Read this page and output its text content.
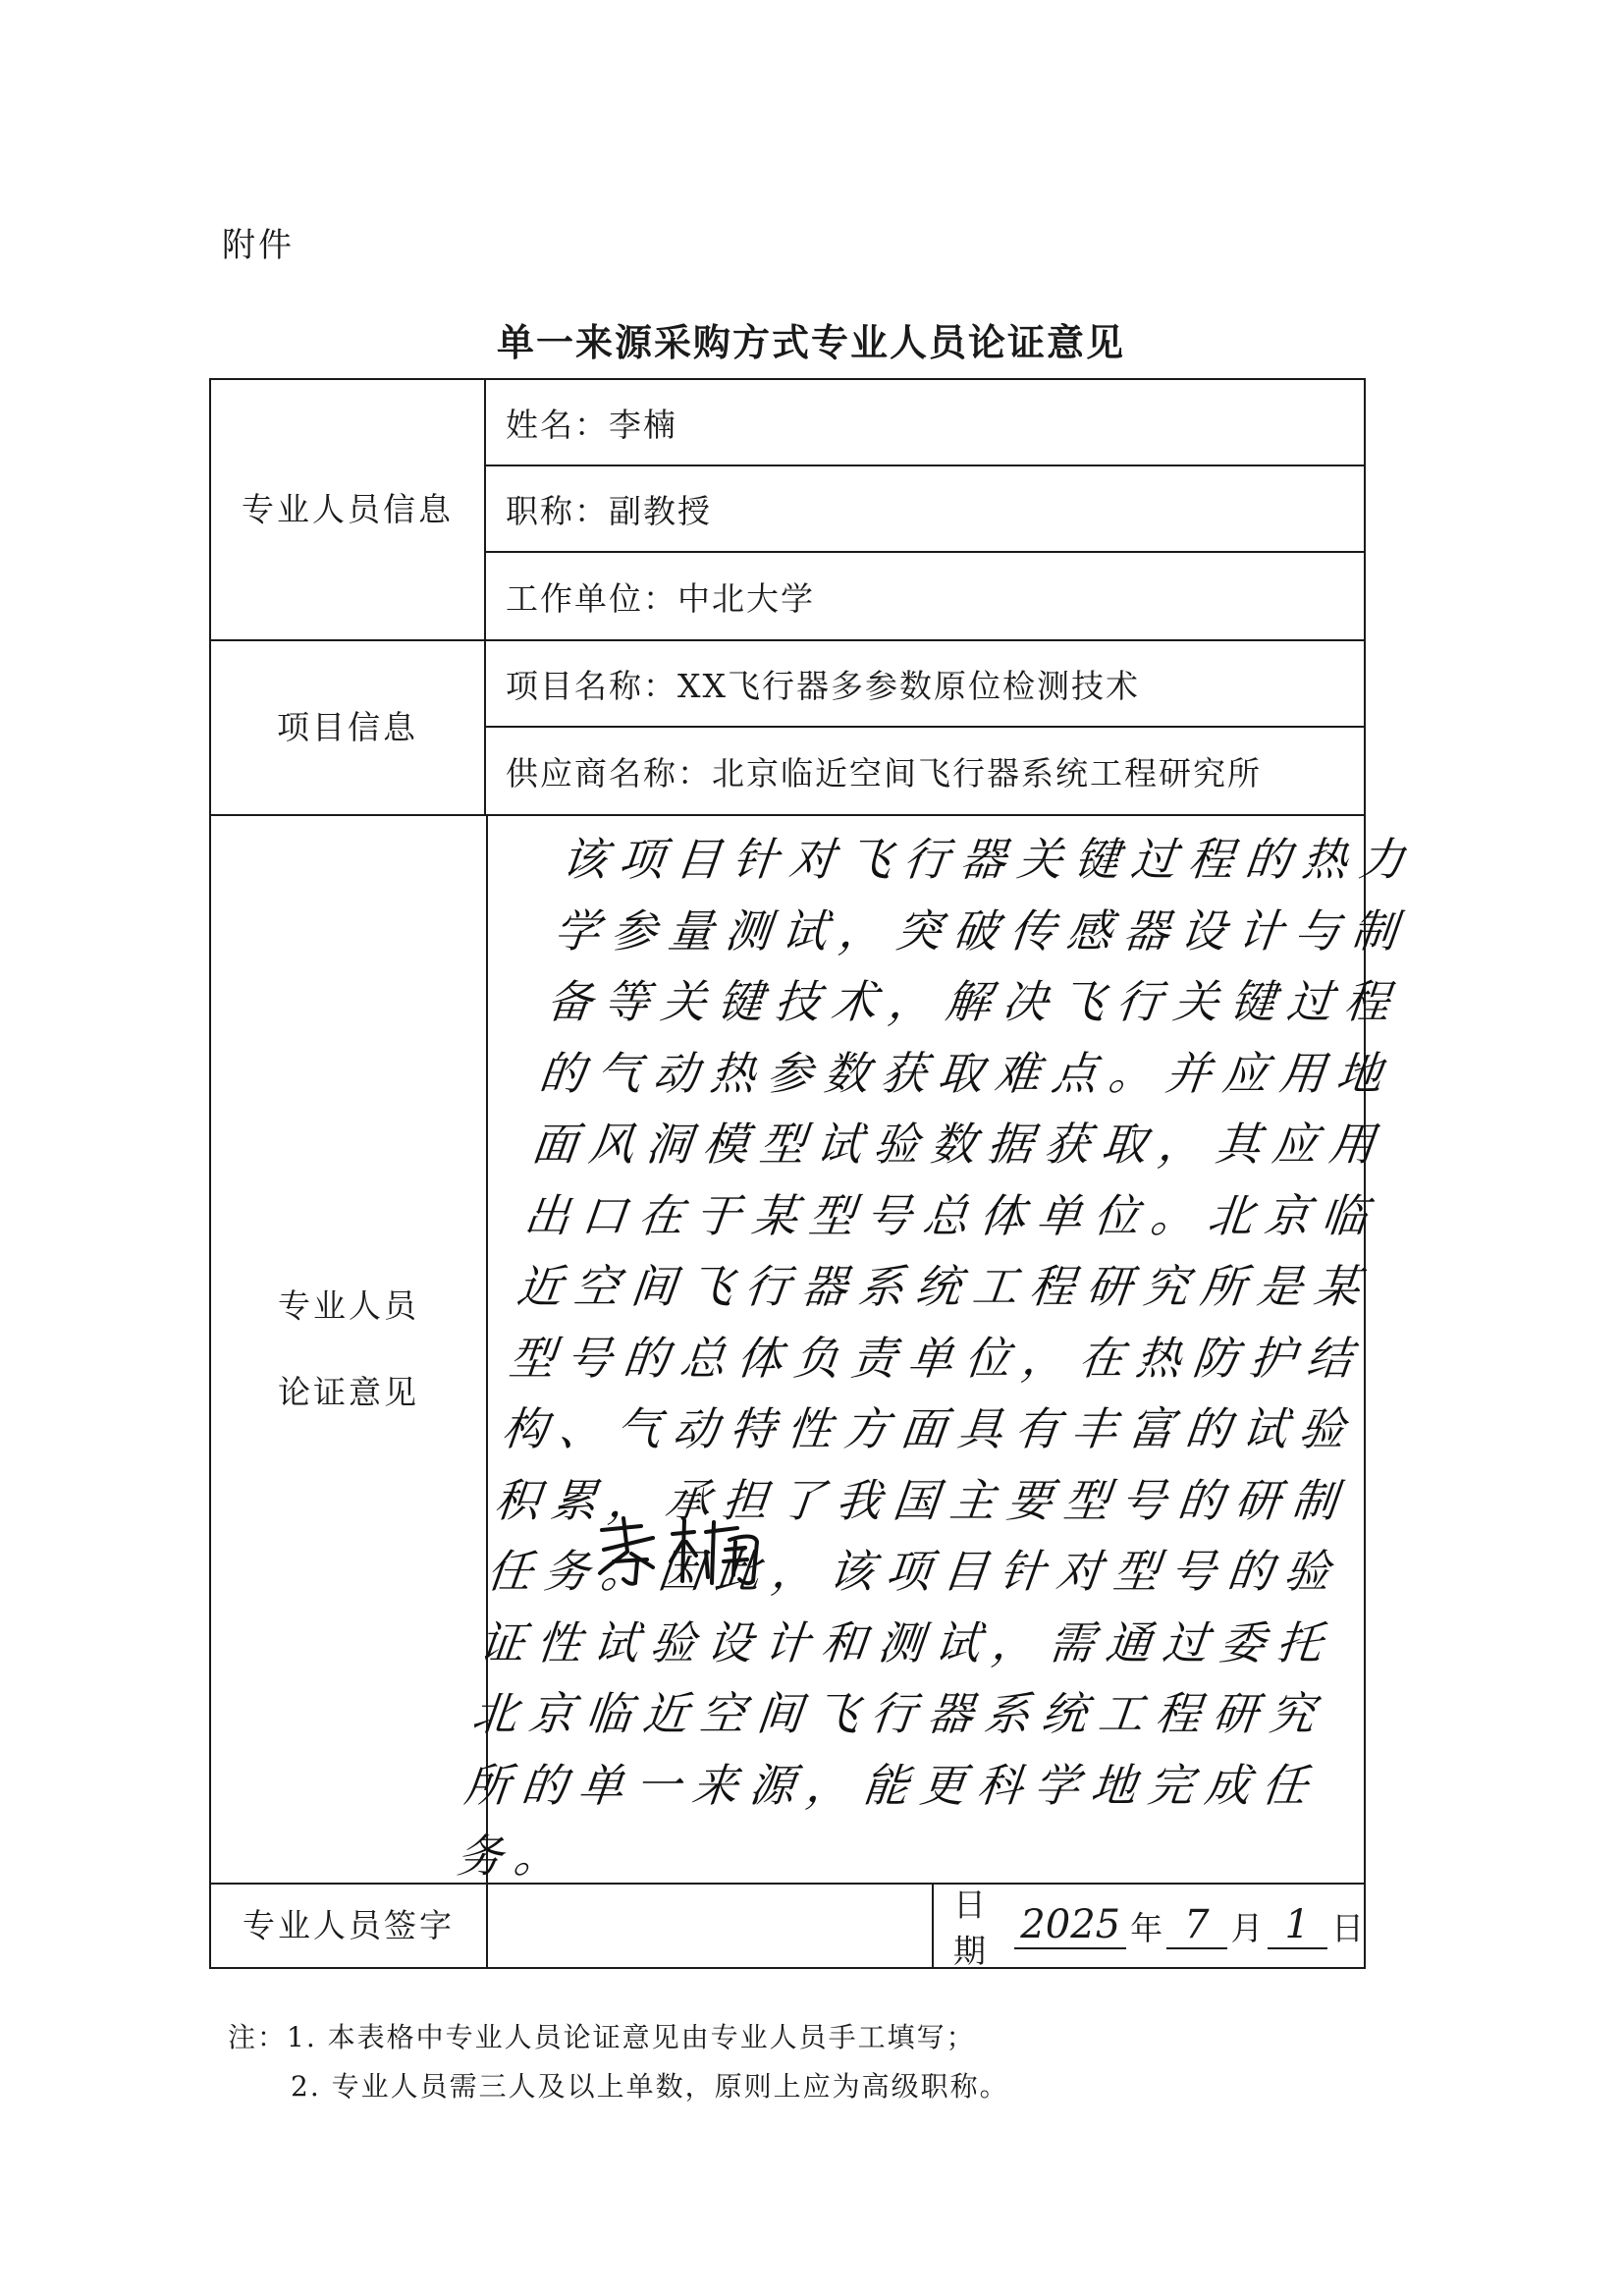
附件
单一来源采购方式专业人员论证意见
专业人员信息
姓名：李楠
职称：副教授
工作单位：中北大学
项目信息
项目名称：XX飞行器多参数原位检测技术
供应商名称：北京临近空间飞行器系统工程研究所
专业人员
论证意见
该项目针对飞行器关键过程的热力学参量测试，突破传感器设计与制备等关键技术，解决飞行关键过程的气动热参数获取难点。并应用地面风洞模型试验数据获取，其应用出口在于某型号总体单位。北京临近空间飞行器系统工程研究所是某型号的总体负责单位，在热防护结构、气动特性方面具有丰富的试验积累，承担了我国主要型号的研制任务。因此，该项目针对型号的验证性试验设计和测试，需通过委托北京临近空间飞行器系统工程研究所的单一来源，能更科学地完成任务。
专业人员签字
日期
2025 年 7 月 1 日
注：1. 本表格中专业人员论证意见由专业人员手工填写；
2. 专业人员需三人及以上单数，原则上应为高级职称。
